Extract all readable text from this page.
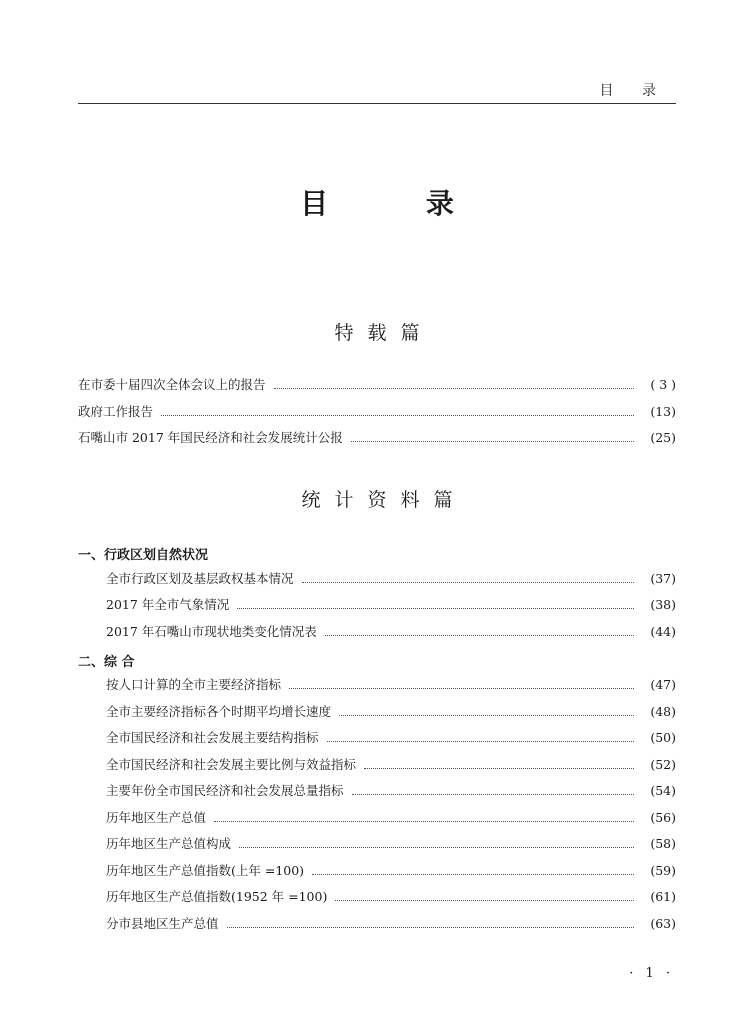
目 录
目 录
特载篇
在市委十届四次全体会议上的报告	( 3 )
政府工作报告	(13)
石嘴山市 2017 年国民经济和社会发展统计公报	(25)
统计资料篇
一、行政区划自然状况
全市行政区划及基层政权基本情况	(37)
2017 年全市气象情况	(38)
2017 年石嘴山市现状地类变化情况表	(44)
二、综 合
按人口计算的全市主要经济指标	(47)
全市主要经济指标各个时期平均增长速度	(48)
全市国民经济和社会发展主要结构指标	(50)
全市国民经济和社会发展主要比例与效益指标	(52)
主要年份全市国民经济和社会发展总量指标	(54)
历年地区生产总值	(56)
历年地区生产总值构成	(58)
历年地区生产总值指数(上年 =100)	(59)
历年地区生产总值指数(1952 年 =100)	(61)
分市县地区生产总值	(63)
· 1 ·
